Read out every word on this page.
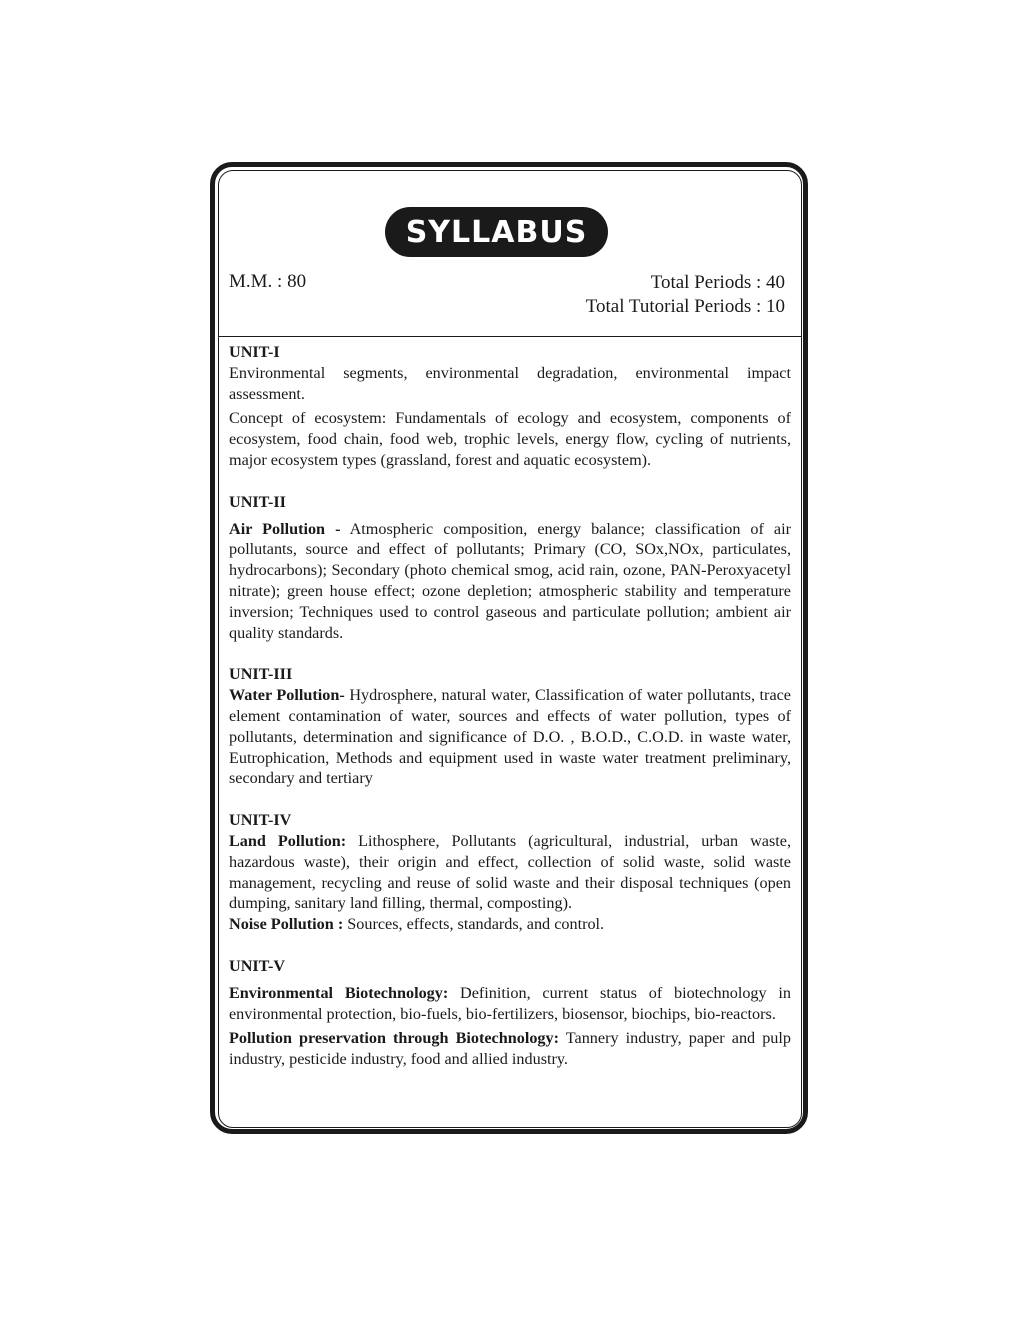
SYLLABUS
M.M. : 80	Total Periods : 40
Total Tutorial Periods : 10

UNIT-I

Environmental segments, environmental degradation, environmental impact assessment.

Concept of ecosystem: Fundamentals of ecology and ecosystem, components of ecosystem, food chain, food web, trophic levels, energy flow, cycling of nutrients, major ecosystem types (grassland, forest and aquatic ecosystem).

UNIT-II

Air Pollution - Atmospheric composition, energy balance; classification of air pollutants, source and effect of pollutants; Primary (CO, SOx,NOx, particulates, hydrocarbons); Secondary (photo chemical smog, acid rain, ozone, PAN-Peroxyacetyl nitrate); green house effect; ozone depletion; atmospheric stability and temperature inversion; Techniques used to control gaseous and particulate pollution; ambient air quality standards.

UNIT-III

Water Pollution- Hydrosphere, natural water, Classification of water pollutants, trace element contamination of water, sources and effects of water pollution, types of pollutants, determination and significance of D.O. , B.O.D., C.O.D. in waste water, Eutrophication, Methods and equipment used in waste water treatment preliminary, secondary and tertiary

UNIT-IV

Land Pollution: Lithosphere, Pollutants (agricultural, industrial, urban waste, hazardous waste), their origin and effect, collection of solid waste, solid waste management, recycling and reuse of solid waste and their disposal techniques (open dumping, sanitary land filling, thermal, composting).

Noise Pollution : Sources, effects, standards, and control.

UNIT-V

Environmental Biotechnology: Definition, current status of biotechnology in environmental protection, bio-fuels, bio-fertilizers, biosensor, biochips, bio-reactors.

Pollution preservation through Biotechnology: Tannery industry, paper and pulp industry, pesticide industry, food and allied industry.
